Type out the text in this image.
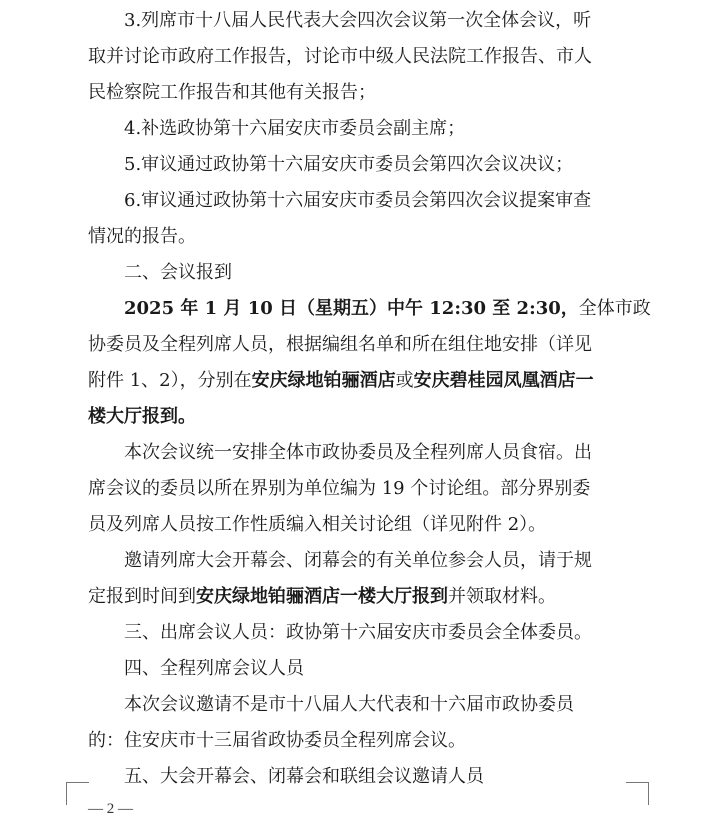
3.列席市十八届人民代表大会四次会议第一次全体会议，听
取并讨论市政府工作报告，讨论市中级人民法院工作报告、市人
民检察院工作报告和其他有关报告；
4.补选政协第十六届安庆市委员会副主席；
5.审议通过政协第十六届安庆市委员会第四次会议决议；
6.审议通过政协第十六届安庆市委员会第四次会议提案审查
情况的报告。
二、会议报到
2025 年 1 月 10 日（星期五）中午 12:30 至 2:30，全体市政
协委员及全程列席人员，根据编组名单和所在组住地安排（详见
附件 1、2），分别在安庆绿地铂骊酒店或安庆碧桂园凤凰酒店一
楼大厅报到。
本次会议统一安排全体市政协委员及全程列席人员食宿。出
席会议的委员以所在界别为单位编为 19 个讨论组。部分界别委
员及列席人员按工作性质编入相关讨论组（详见附件 2）。
邀请列席大会开幕会、闭幕会的有关单位参会人员，请于规
定报到时间到安庆绿地铂骊酒店一楼大厅报到并领取材料。
三、出席会议人员：政协第十六届安庆市委员会全体委员。
四、全程列席会议人员
本次会议邀请不是市十八届人大代表和十六届市政协委员
的：住安庆市十三届省政协委员全程列席会议。
五、大会开幕会、闭幕会和联组会议邀请人员
— 2 —
